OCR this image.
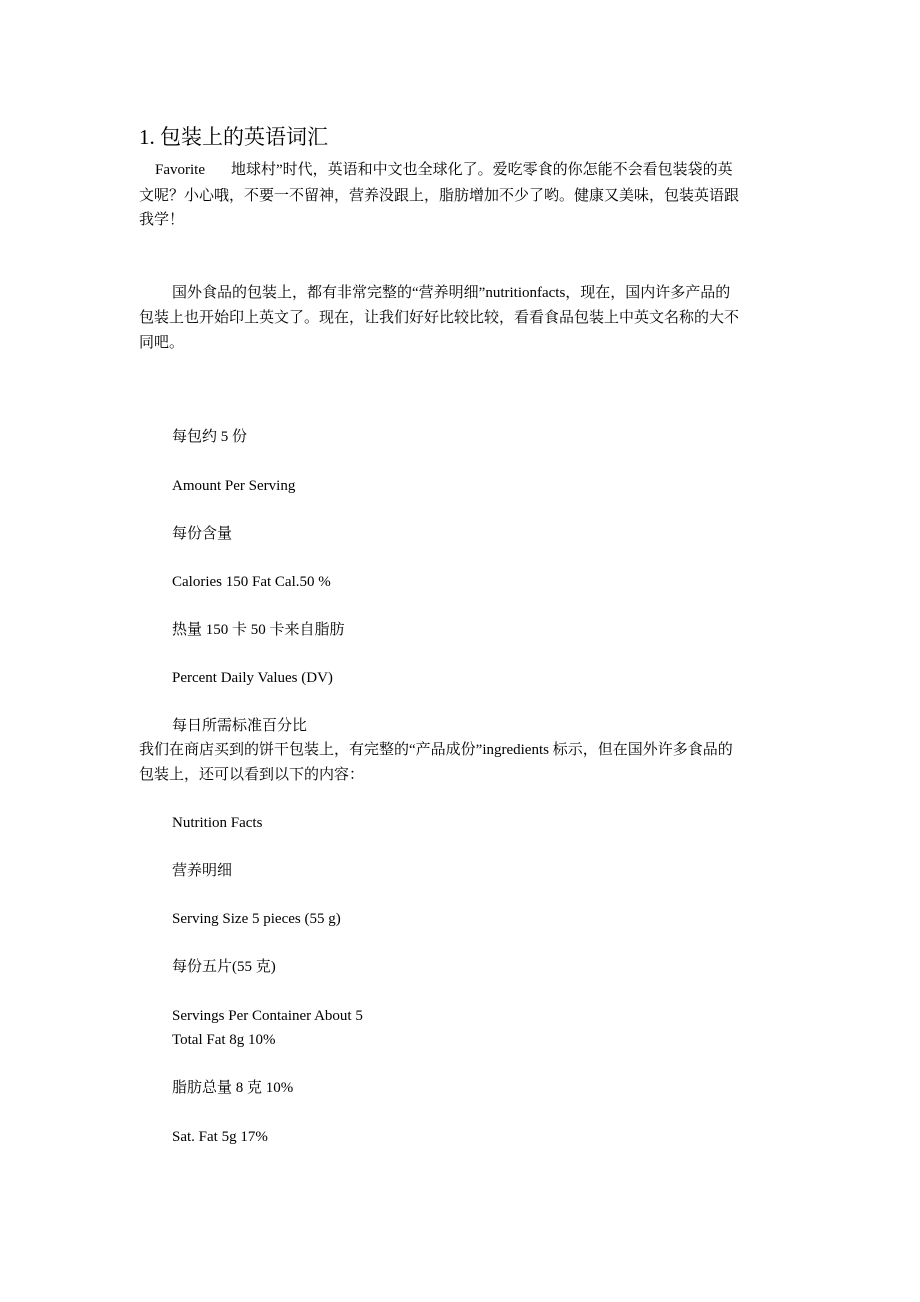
1. 包装上的英语词汇
Favorite 地球村”时代，英语和中文也全球化了。爱吃零食的你怎能不会看包装袋的英
文呢？小心哦，不要一不留神，营养没跟上，脂肪增加不少了哟。健康又美味，包装英语跟
我学！
国外食品的包装上，都有非常完整的“营养明细”nutritionfacts，现在，国内许多产品的
包装上也开始印上英文了。现在，让我们好好比较比较，看看食品包装上中英文名称的大不
同吧。
每包约 5 份
Amount Per Serving
每份含量
Calories 150 Fat Cal.50 %
热量 150 卡 50 卡来自脂肪
Percent Daily Values (DV)
每日所需标准百分比
我们在商店买到的饼干包装上，有完整的“产品成份”ingredients 标示，但在国外许多食品的
包装上，还可以看到以下的内容：
Nutrition Facts
营养明细
Serving Size 5 pieces (55 g)
每份五片(55 克)
Servings Per Container About 5
Total Fat 8g 10%
脂肪总量 8 克 10%
Sat. Fat 5g 17%
